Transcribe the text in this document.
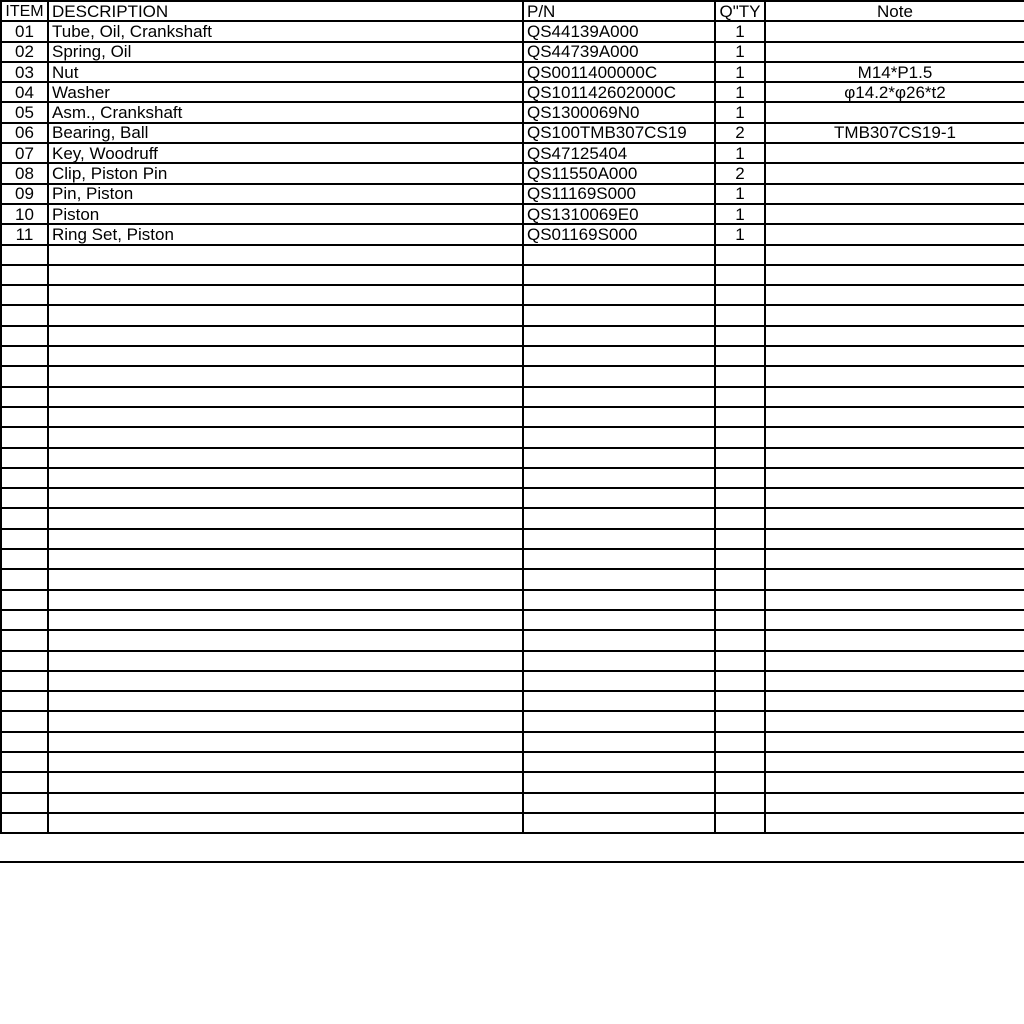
ITEM	DESCRIPTION	P/N	Q"TY	Note
01	Tube, Oil, Crankshaft	QS44139A000	1	
02	Spring, Oil	QS44739A000	1	
03	Nut	QS0011400000C	1	M14*P1.5
04	Washer	QS101142602000C	1	φ14.2*φ26*t2
05	Asm., Crankshaft	QS1300069N0	1	
06	Bearing, Ball	QS100TMB307CS19	2	TMB307CS19-1
07	Key, Woodruff	QS47125404	1	
08	Clip, Piston Pin	QS11550A000	2	
09	Pin, Piston	QS11169S000	1	
10	Piston	QS1310069E0	1	
11	Ring Set, Piston	QS01169S000	1	
